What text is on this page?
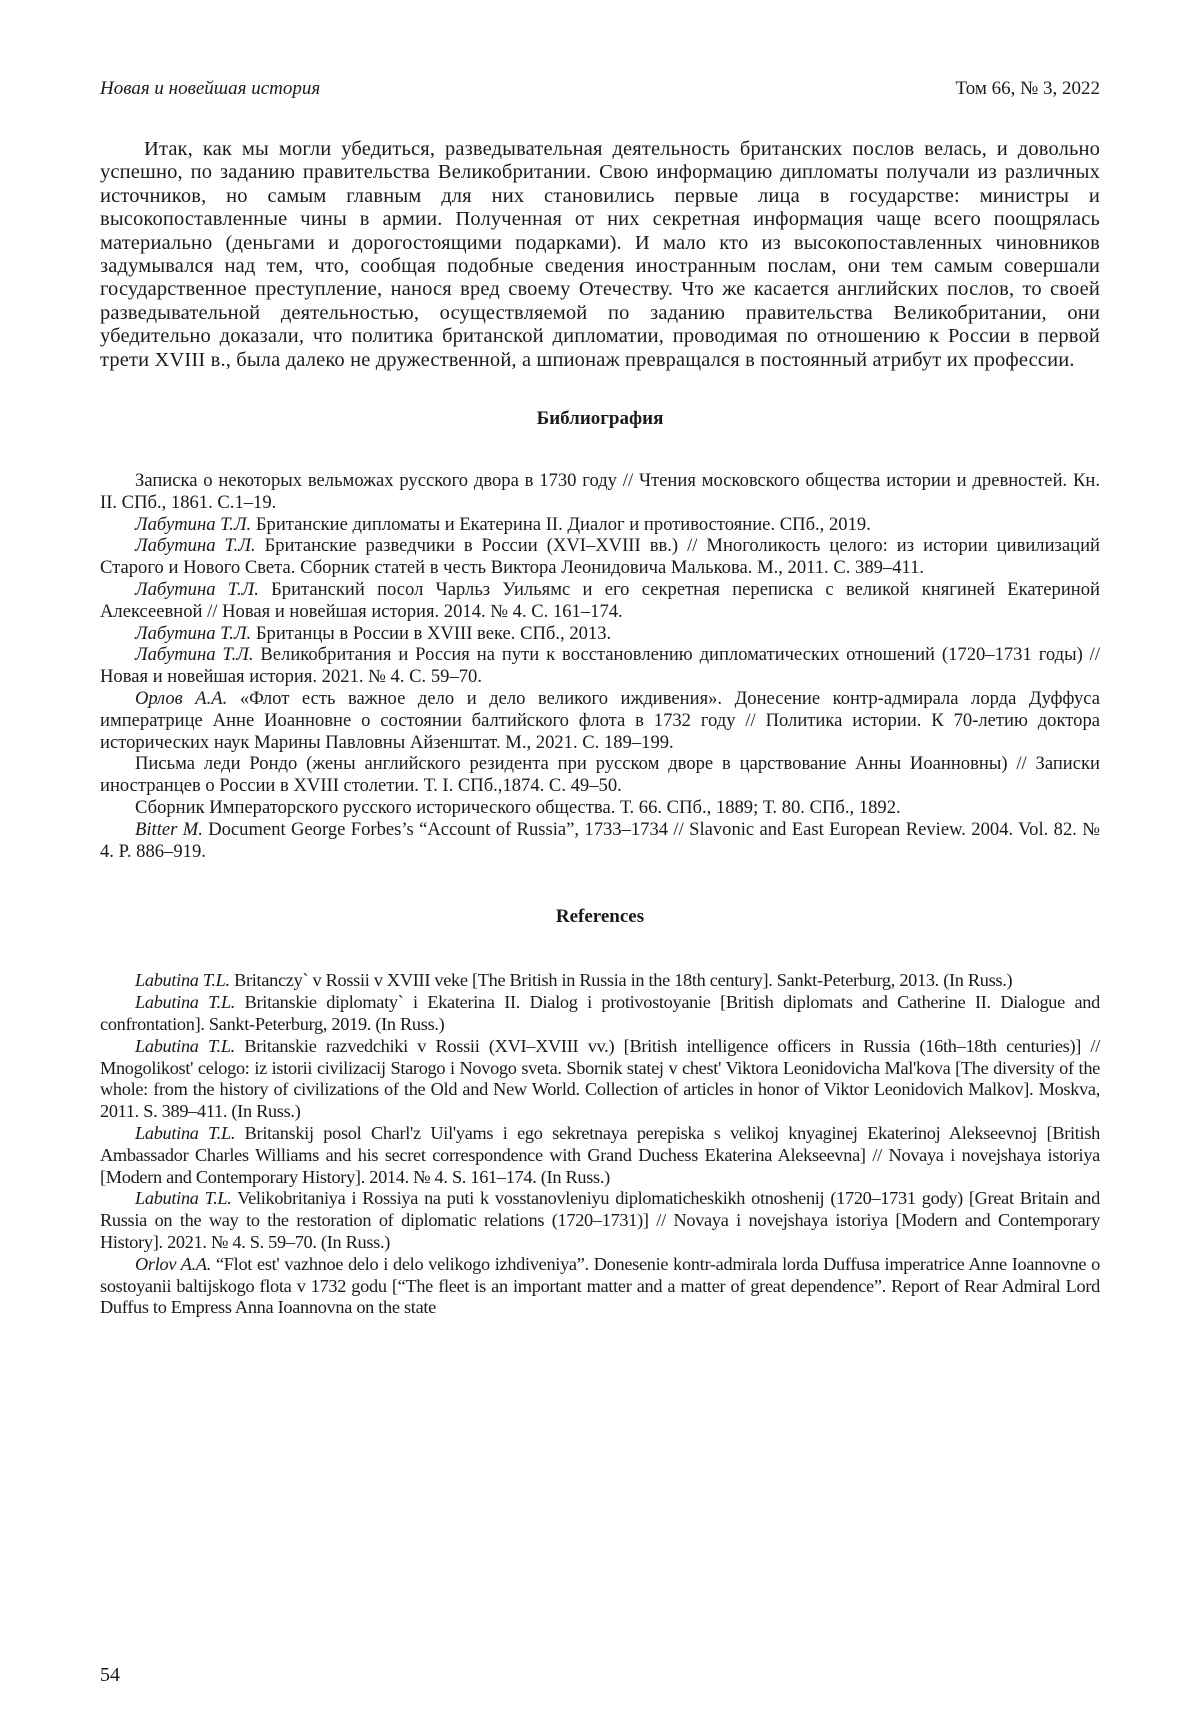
Новая и новейшая история	Том 66, № 3, 2022

Итак, как мы могли убедиться, разведывательная деятельность британских послов велась, и довольно успешно, по заданию правительства Великобритании. Свою информацию дипломаты получали из различных источников, но самым главным для них становились первые лица в государстве: министры и высокопоставленные чины в армии. Полученная от них секретная информация чаще всего поощрялась материально (деньгами и дорогостоящими подарками). И мало кто из высокопоставленных чиновников задумывался над тем, что, сообщая подобные сведения иностранным послам, они тем самым совершали государственное преступление, нанося вред своему Отечеству. Что же касается английских послов, то своей разведывательной деятельностью, осуществляемой по заданию правительства Великобритании, они убедительно доказали, что политика британской дипломатии, проводимая по отношению к России в первой трети XVIII в., была далеко не дружественной, а шпионаж превращался в постоянный атрибут их профессии.

Библиография

Записка о некоторых вельможах русского двора в 1730 году // Чтения московского общества истории и древностей. Кн. II. СПб., 1861. С.1–19.

Лабутина Т.Л. Британские дипломаты и Екатерина II. Диалог и противостояние. СПб., 2019.

Лабутина Т.Л. Британские разведчики в России (XVI–XVIII вв.) // Многоликость целого: из истории цивилизаций Старого и Нового Света. Сборник статей в честь Виктора Леонидовича Малькова. М., 2011. С. 389–411.

Лабутина Т.Л. Британский посол Чарльз Уильямс и его секретная переписка с великой княгиней Екатериной Алексеевной // Новая и новейшая история. 2014. № 4. С. 161–174.

Лабутина Т.Л. Британцы в России в XVIII веке. СПб., 2013.

Лабутина Т.Л. Великобритания и Россия на пути к восстановлению дипломатических отношений (1720–1731 годы) // Новая и новейшая история. 2021. № 4. С. 59–70.

Орлов А.А. «Флот есть важное дело и дело великого иждивения». Донесение контр-адмирала лорда Дуффуса императрице Анне Иоанновне о состоянии балтийского флота в 1732 году // Политика истории. К 70-летию доктора исторических наук Марины Павловны Айзенштат. М., 2021. С. 189–199.

Письма леди Рондо (жены английского резидента при русском дворе в царствование Анны Иоанновны) // Записки иностранцев о России в XVIII столетии. Т. I. СПб.,1874. С. 49–50.

Сборник Императорского русского исторического общества. Т. 66. СПб., 1889; Т. 80. СПб., 1892.

Bitter M. Document George Forbes’s “Account of Russia”, 1733–1734 // Slavonic and East European Review. 2004. Vol. 82. № 4. P. 886–919.

References

Labutina T.L. Britanczy` v Rossii v XVIII veke [The British in Russia in the 18th century]. Sankt-Peterburg, 2013. (In Russ.)

Labutina T.L. Britanskie diplomaty` i Ekaterina II. Dialog i protivostoyanie [British diplomats and Catherine II. Dialogue and confrontation]. Sankt-Peterburg, 2019. (In Russ.)

Labutina T.L. Britanskie razvedchiki v Rossii (XVI–XVIII vv.) [British intelligence officers in Russia (16th–18th centuries)] // Mnogolikost' celogo: iz istorii civilizacij Starogo i Novogo sveta. Sbornik statej v chest' Viktora Leonidovicha Mal'kova [The diversity of the whole: from the history of civilizations of the Old and New World. Collection of articles in honor of Viktor Leonidovich Malkov]. Moskva, 2011. S. 389–411. (In Russ.)

Labutina T.L. Britanskij posol Charl'z Uil'yams i ego sekretnaya perepiska s velikoj knyaginej Ekaterinoj Alekseevnoj [British Ambassador Charles Williams and his secret correspondence with Grand Duchess Ekaterina Alekseevna] // Novaya i novejshaya istoriya [Modern and Contemporary History]. 2014. № 4. S. 161–174. (In Russ.)

Labutina T.L. Velikobritaniya i Rossiya na puti k vosstanovleniyu diplomaticheskikh otnoshenij (1720–1731 gody) [Great Britain and Russia on the way to the restoration of diplomatic relations (1720–1731)] // Novaya i novejshaya istoriya [Modern and Contemporary History]. 2021. № 4. S. 59–70. (In Russ.)

Orlov A.A. “Flot est' vazhnoe delo i delo velikogo izhdiveniya”. Donesenie kontr-admirala lorda Duffusa imperatrice Anne Ioannovne o sostoyanii baltijskogo flota v 1732 godu [“The fleet is an important matter and a matter of great dependence”. Report of Rear Admiral Lord Duffus to Empress Anna Ioannovna on the state

54
